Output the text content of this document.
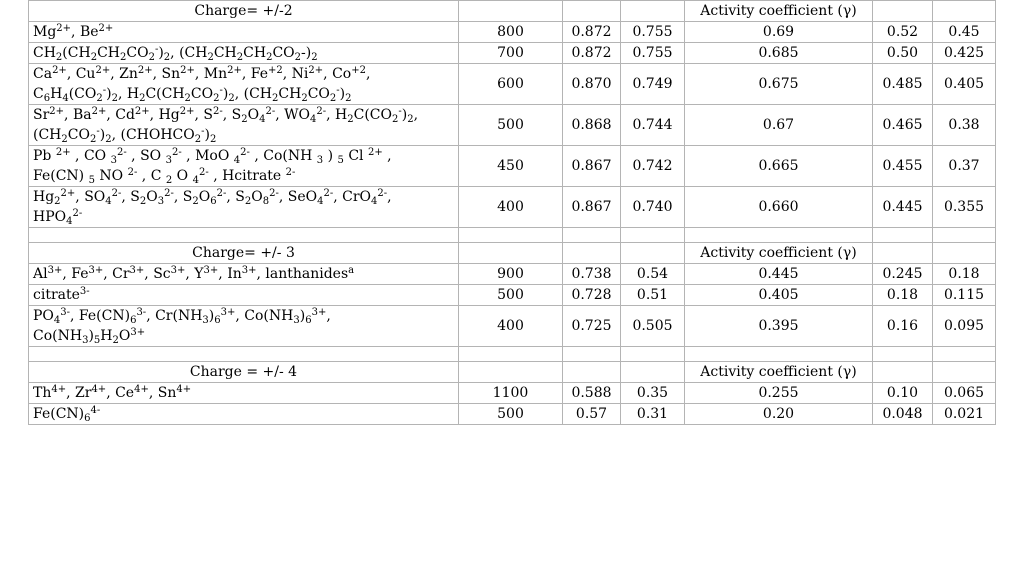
Charge= +/-2				Activity coefficient (γ)		
$Mg^{2+}$, $Be^{2+}$	800	0.872	0.755	0.69	0.52	0.45
$CH_2(CH_2CH_2CO_2^-)_2$, $(CH_2CH_2CH_2CO_2-)_2$	700	0.872	0.755	0.685	0.50	0.425
$Ca^{2+}$, $Cu^{2+}$, $Zn^{2+}$, $Sn^{2+}$, $Mn^{2+}$, $Fe^{+2}$, $Ni^{2+}$, $Co^{+2}$,
$C_6H_4(CO_2^-)_2$, $H_2C(CH_2CO_2^-)_2$, $(CH_2CH_2CO_2^-)_2$	600	0.870	0.749	0.675	0.485	0.405
$Sr^{2+}$, $Ba^{2+}$, $Cd^{2+}$, $Hg^{2+}$, $S^{2-}$, $S_2O_4^{2-}$, $WO_4^{2-}$, $H_2C(CO_2^-)_2$,
$(CH_2CO_2^-)_2$, $(CHOHCO_2^-)_2$	500	0.868	0.744	0.67	0.465	0.38
Pb $^{2+}$ , CO $_3^{2-}$ , SO $_3^{2-}$ , MoO $_4^{2-}$ , Co(NH $_3$ ) $_5$ Cl $^{2+}$ ,
Fe(CN) $_5$ NO $^{2-}$ , C $_2$ O $_4^{2-}$ , Hcitrate $^{2-}$	450	0.867	0.742	0.665	0.455	0.37
$Hg_2^{2+}$, $SO_4^{2-}$, $S_2O_3^{2-}$, $S_2O_6^{2-}$, $S_2O_8^{2-}$, SeO$_4^{2-}$, CrO$_4^{2-}$,
$HPO_4^{2-}$	400	0.867	0.740	0.660	0.445	0.355

Charge= +/- 3				Activity coefficient (γ)		
$Al^{3+}$, $Fe^{3+}$, $Cr^{3+}$, $Sc^{3+}$, $Y^{3+}$, $In^{3+}$, lanthanides$^a$	900	0.738	0.54	0.445	0.245	0.18
citrate$^{3-}$	500	0.728	0.51	0.405	0.18	0.115
$PO_4^{3-}$, $Fe(CN)_6^{3-}$, $Cr(NH_3)_6^{3+}$, $Co(NH_3)_6^{3+}$,
$Co(NH_3)_5H_2O^{3+}$	400	0.725	0.505	0.395	0.16	0.095

Charge = +/- 4				Activity coefficient (γ)		
$Th^{4+}$, $Zr^{4+}$, $Ce^{4+}$, $Sn^{4+}$	1100	0.588	0.35	0.255	0.10	0.065
$Fe(CN)_6^{4-}$	500	0.57	0.31	0.20	0.048	0.021
